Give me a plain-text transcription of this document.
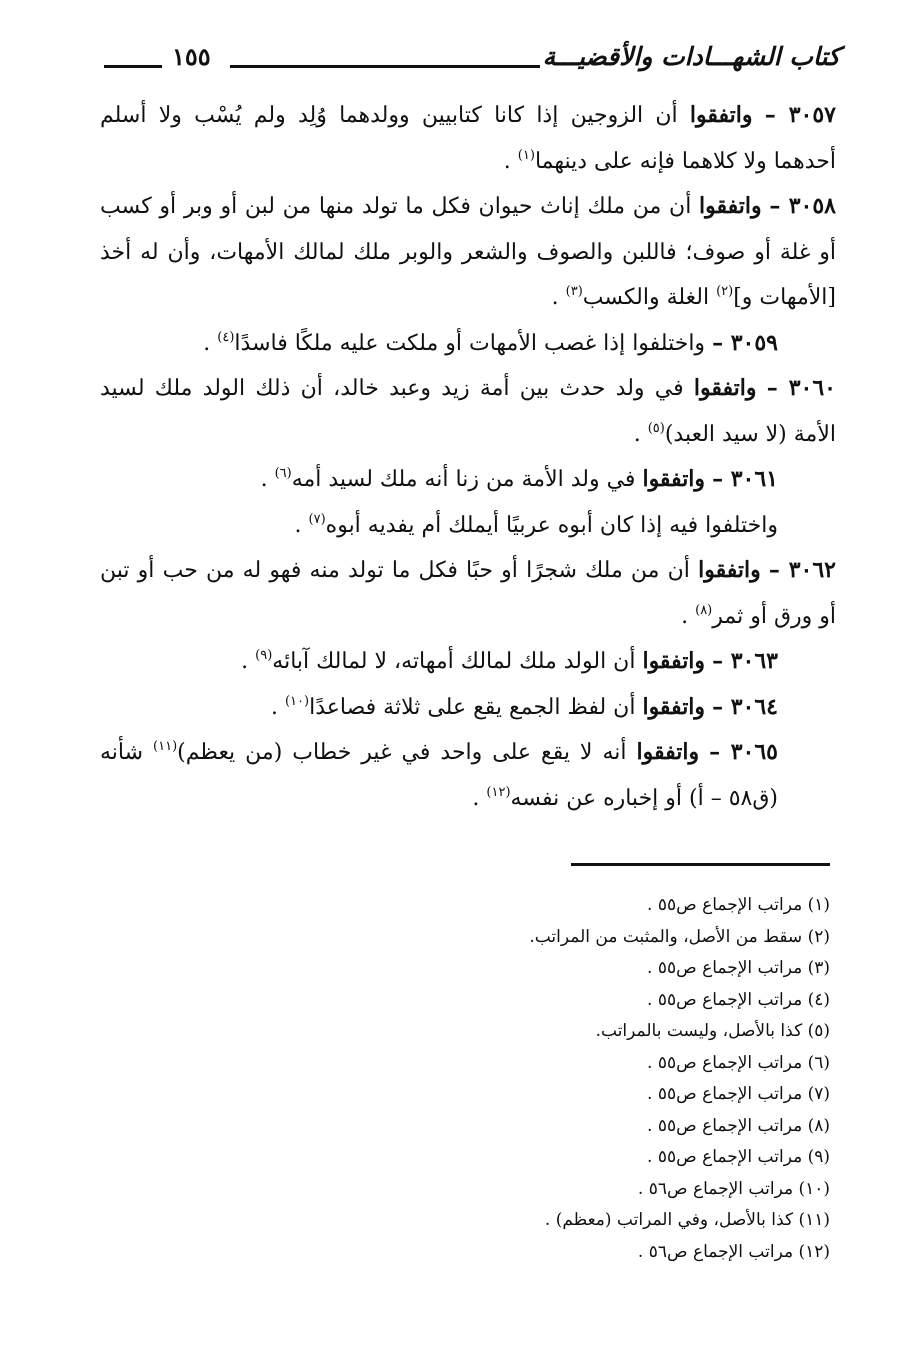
كتاب الشهـــادات والأقضيـــة
١٥٥

٣٠٥٧ – واتفقوا أن الزوجين إذا كانا كتابيين وولدهما وُلِد ولم يُسْب ولا أسلم أحدهما ولا كلاهما فإنه على دينهما$^{(١)}$ .

٣٠٥٨ – واتفقوا أن من ملك إناث حيوان فكل ما تولد منها من لبن أو وبر أو كسب أو غلة أو صوف؛ فاللبن والصوف والشعر والوبر ملك لمالك الأمهات، وأن له أخذ [الأمهات و]$^{(٢)}$ الغلة والكسب$^{(٣)}$ .

٣٠٥٩ – واختلفوا إذا غصب الأمهات أو ملكت عليه ملكًا فاسدًا$^{(٤)}$ .

٣٠٦٠ – واتفقوا في ولد حدث بين أمة زيد وعبد خالد، أن ذلك الولد ملك لسيد الأمة (لا سيد العبد)$^{(٥)}$ .

٣٠٦١ – واتفقوا في ولد الأمة من زنا أنه ملك لسيد أمه$^{(٦)}$ .

واختلفوا فيه إذا كان أبوه عربيًا أيملك أم يفديه أبوه$^{(٧)}$ .

٣٠٦٢ – واتفقوا أن من ملك شجرًا أو حبًا فكل ما تولد منه فهو له من حب أو تبن أو ورق أو ثمر$^{(٨)}$ .

٣٠٦٣ – واتفقوا أن الولد ملك لمالك أمهاته، لا لمالك آبائه$^{(٩)}$ .

٣٠٦٤ – واتفقوا أن لفظ الجمع يقع على ثلاثة فصاعدًا$^{(١٠)}$ .

٣٠٦٥ – واتفقوا أنه لا يقع على واحد في غير خطاب (من يعظم)$^{(١١)}$ شأنه (ق٥٨ – أ) أو إخباره عن نفسه$^{(١٢)}$ .

(١) مراتب الإجماع ص٥٥ .
(٢) سقط من الأصل، والمثبت من المراتب.
(٣) مراتب الإجماع ص٥٥ .
(٤) مراتب الإجماع ص٥٥ .
(٥) كذا بالأصل، وليست بالمراتب.
(٦) مراتب الإجماع ص٥٥ .
(٧) مراتب الإجماع ص٥٥ .
(٨) مراتب الإجماع ص٥٥ .
(٩) مراتب الإجماع ص٥٥ .
(١٠) مراتب الإجماع ص٥٦ .
(١١) كذا بالأصل، وفي المراتب (معظم) .
(١٢) مراتب الإجماع ص٥٦ .
